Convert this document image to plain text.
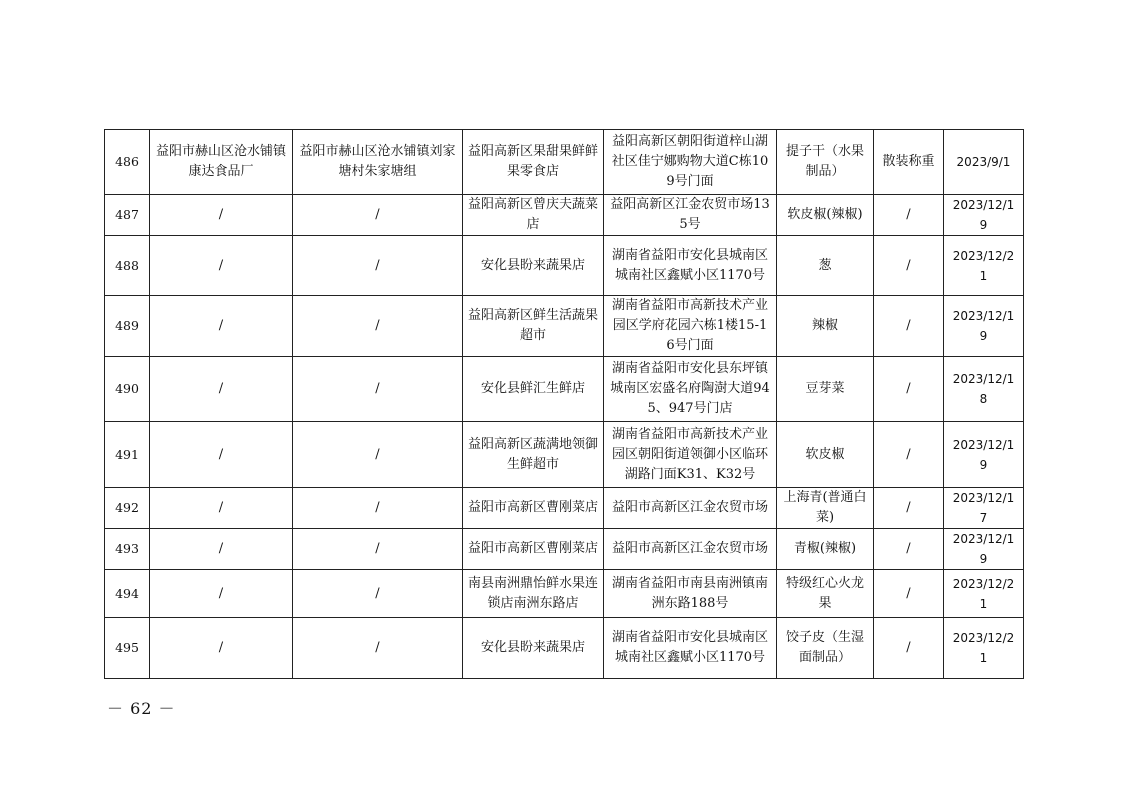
486	益阳市赫山区沧水铺镇康达食品厂	益阳市赫山区沧水铺镇刘家塘村朱家塘组	益阳高新区果甜果鲜鲜果零食店	益阳高新区朝阳街道梓山湖社区佳宁娜购物大道C栋109号门面	提子干（水果制品）	散装称重	2023/9/1
487	/	/	益阳高新区曾庆夫蔬菜店	益阳高新区江金农贸市场135号	软皮椒(辣椒)	/	2023/12/19
488	/	/	安化县盼来蔬果店	湖南省益阳市安化县城南区城南社区鑫赋小区1170号	葱	/	2023/12/21
489	/	/	益阳高新区鲜生活蔬果超市	湖南省益阳市高新技术产业园区学府花园六栋1楼15-16号门面	辣椒	/	2023/12/19
490	/	/	安化县鲜汇生鲜店	湖南省益阳市安化县东坪镇城南区宏盛名府陶澍大道945、947号门店	豆芽菜	/	2023/12/18
491	/	/	益阳高新区蔬满地领御生鲜超市	湖南省益阳市高新技术产业园区朝阳街道领御小区临环湖路门面K31、K32号	软皮椒	/	2023/12/19
492	/	/	益阳市高新区曹刚菜店	益阳市高新区江金农贸市场	上海青(普通白菜)	/	2023/12/17
493	/	/	益阳市高新区曹刚菜店	益阳市高新区江金农贸市场	青椒(辣椒)	/	2023/12/19
494	/	/	南县南洲鼎怡鲜水果连锁店南洲东路店	湖南省益阳市南县南洲镇南洲东路188号	特级红心火龙果	/	2023/12/21
495	/	/	安化县盼来蔬果店	湖南省益阳市安化县城南区城南社区鑫赋小区1170号	饺子皮（生湿面制品）	/	2023/12/21
－ 62 －
